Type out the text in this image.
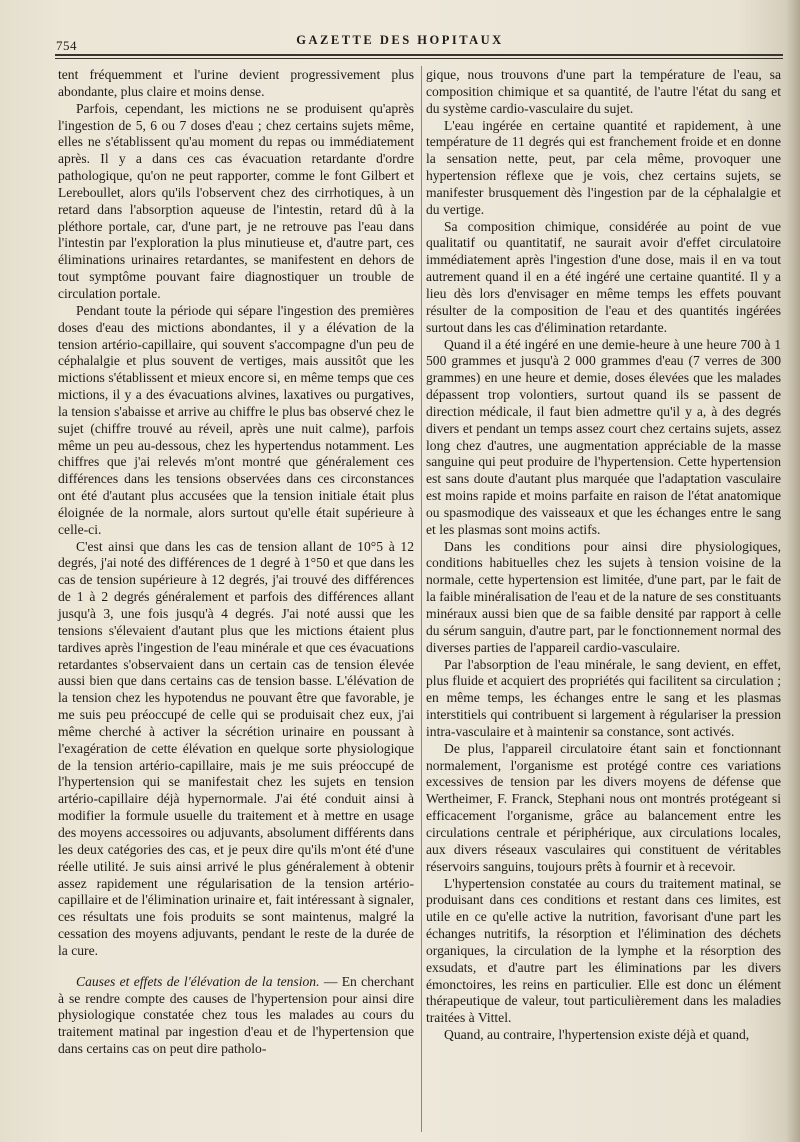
754	GAZETTE DES HOPITAUX

tent fréquemment et l'urine devient progressivement plus abondante, plus claire et moins dense.

Parfois, cependant, les mictions ne se produisent qu'après l'ingestion de 5, 6 ou 7 doses d'eau ; chez certains sujets même, elles ne s'établissent qu'au moment du repas ou immédiatement après. Il y a dans ces cas évacuation retardante d'ordre pathologique, qu'on ne peut rapporter, comme le font Gilbert et Lereboullet, alors qu'ils l'observent chez des cirrhotiques, à un retard dans l'absorption aqueuse de l'intestin, retard dû à la pléthore portale, car, d'une part, je ne retrouve pas l'eau dans l'intestin par l'exploration la plus minutieuse et, d'autre part, ces éliminations urinaires retardantes, se manifestent en dehors de tout symptôme pouvant faire diagnostiquer un trouble de circulation portale.

Pendant toute la période qui sépare l'ingestion des premières doses d'eau des mictions abondantes, il y a élévation de la tension artério-capillaire, qui souvent s'accompagne d'un peu de céphalalgie et plus souvent de vertiges, mais aussitôt que les mictions s'établissent et mieux encore si, en même temps que ces mictions, il y a des évacuations alvines, laxatives ou purgatives, la tension s'abaisse et arrive au chiffre le plus bas observé chez le sujet (chiffre trouvé au réveil, après une nuit calme), parfois même un peu au-dessous, chez les hypertendus notamment. Les chiffres que j'ai relevés m'ont montré que généralement ces différences dans les tensions observées dans ces circonstances ont été d'autant plus accusées que la tension initiale était plus éloignée de la normale, alors surtout qu'elle était supérieure à celle-ci.

C'est ainsi que dans les cas de tension allant de 10°5 à 12 degrés, j'ai noté des différences de 1 degré à 1°50 et que dans les cas de tension supérieure à 12 degrés, j'ai trouvé des différences de 1 à 2 degrés généralement et parfois des différences allant jusqu'à 3, une fois jusqu'à 4 degrés. J'ai noté aussi que les tensions s'élevaient d'autant plus que les mictions étaient plus tardives après l'ingestion de l'eau minérale et que ces évacuations retardantes s'observaient dans un certain cas de tension élevée aussi bien que dans certains cas de tension basse. L'élévation de la tension chez les hypotendus ne pouvant être que favorable, je me suis peu préoccupé de celle qui se produisait chez eux, j'ai même cherché à activer la sécrétion urinaire en poussant à l'exagération de cette élévation en quelque sorte physiologique de la tension artério-capillaire, mais je me suis préoccupé de l'hypertension qui se manifestait chez les sujets en tension artério-capillaire déjà hypernormale. J'ai été conduit ainsi à modifier la formule usuelle du traitement et à mettre en usage des moyens accessoires ou adjuvants, absolument différents dans les deux catégories des cas, et je peux dire qu'ils m'ont été d'une réelle utilité. Je suis ainsi arrivé le plus généralement à obtenir assez rapidement une régularisation de la tension artério-capillaire et de l'élimination urinaire et, fait intéressant à signaler, ces résultats une fois produits se sont maintenus, malgré la cessation des moyens adjuvants, pendant le reste de la durée de la cure.

Causes et effets de l'élévation de la tension. — En cherchant à se rendre compte des causes de l'hypertension pour ainsi dire physiologique constatée chez tous les malades au cours du traitement matinal par ingestion d'eau et de l'hypertension que dans certains cas on peut dire patholo-

gique, nous trouvons d'une part la température de l'eau, sa composition chimique et sa quantité, de l'autre l'état du sang et du système cardio-vasculaire du sujet.

L'eau ingérée en certaine quantité et rapidement, à une température de 11 degrés qui est franchement froide et en donne la sensation nette, peut, par cela même, provoquer une hypertension réflexe que je vois, chez certains sujets, se manifester brusquement dès l'ingestion par de la céphalalgie et du vertige.

Sa composition chimique, considérée au point de vue qualitatif ou quantitatif, ne saurait avoir d'effet circulatoire immédiatement après l'ingestion d'une dose, mais il en va tout autrement quand il en a été ingéré une certaine quantité. Il y a lieu dès lors d'envisager en même temps les effets pouvant résulter de la composition de l'eau et des quantités ingérées surtout dans les cas d'élimination retardante.

Quand il a été ingéré en une demie-heure à une heure 700 à 1 500 grammes et jusqu'à 2 000 grammes d'eau (7 verres de 300 grammes) en une heure et demie, doses élevées que les malades dépassent trop volontiers, surtout quand ils se passent de direction médicale, il faut bien admettre qu'il y a, à des degrés divers et pendant un temps assez court chez certains sujets, assez long chez d'autres, une augmentation appréciable de la masse sanguine qui peut produire de l'hypertension. Cette hypertension est sans doute d'autant plus marquée que l'adaptation vasculaire est moins rapide et moins parfaite en raison de l'état anatomique ou spasmodique des vaisseaux et que les échanges entre le sang et les plasmas sont moins actifs.

Dans les conditions pour ainsi dire physiologiques, conditions habituelles chez les sujets à tension voisine de la normale, cette hypertension est limitée, d'une part, par le fait de la faible minéralisation de l'eau et de la nature de ses constituants minéraux aussi bien que de sa faible densité par rapport à celle du sérum sanguin, d'autre part, par le fonctionnement normal des diverses parties de l'appareil cardio-vasculaire.

Par l'absorption de l'eau minérale, le sang devient, en effet, plus fluide et acquiert des propriétés qui facilitent sa circulation ; en même temps, les échanges entre le sang et les plasmas interstitiels qui contribuent si largement à régulariser la pression intra-vasculaire et à maintenir sa constance, sont activés.

De plus, l'appareil circulatoire étant sain et fonctionnant normalement, l'organisme est protégé contre ces variations excessives de tension par les divers moyens de défense que Wertheimer, F. Franck, Stephani nous ont montrés protégeant si efficacement l'organisme, grâce au balancement entre les circulations centrale et périphérique, aux circulations locales, aux divers réseaux vasculaires qui constituent de véritables réservoirs sanguins, toujours prêts à fournir et à recevoir.

L'hypertension constatée au cours du traitement matinal, se produisant dans ces conditions et restant dans ces limites, est utile en ce qu'elle active la nutrition, favorisant d'une part les échanges nutritifs, la résorption et l'élimination des déchets organiques, la circulation de la lymphe et la résorption des exsudats, et d'autre part les éliminations par les divers émonctoires, les reins en particulier. Elle est donc un élément thérapeutique de valeur, tout particulièrement dans les maladies traitées à Vittel.

Quand, au contraire, l'hypertension existe déjà et quand,
